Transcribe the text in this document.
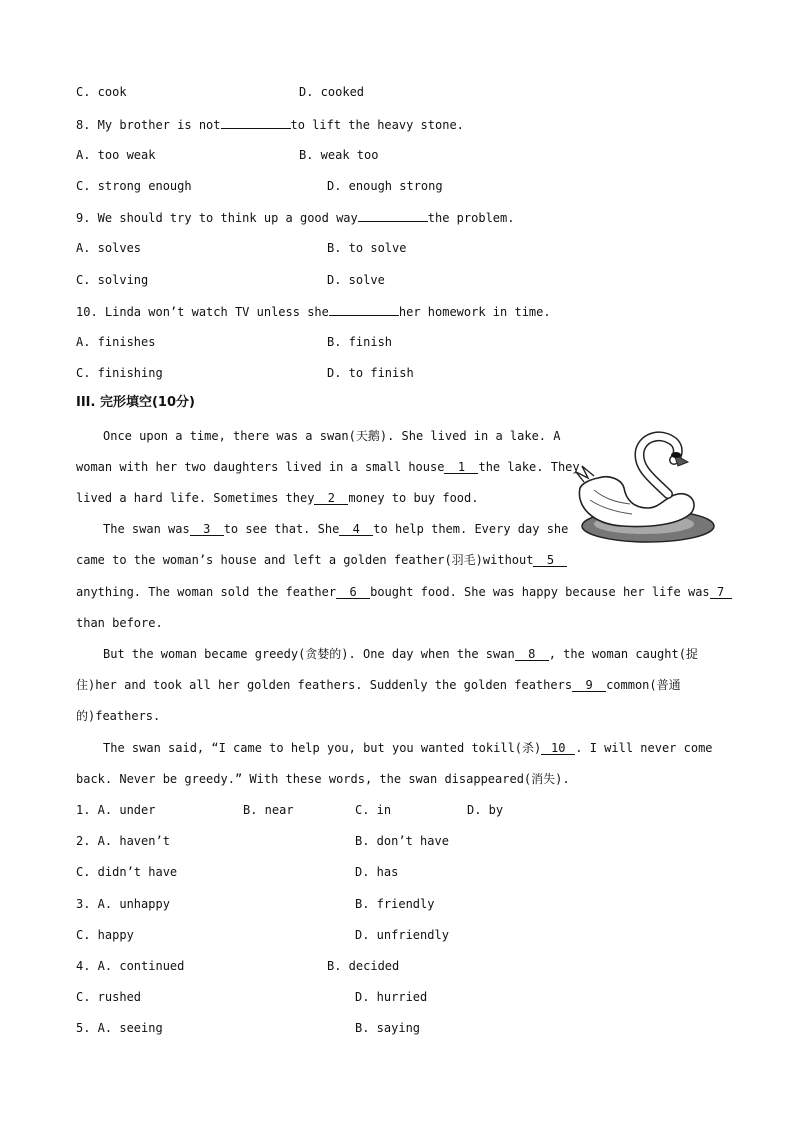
C. cook	D. cooked
8. My brother is not	to lift the heavy stone.
A. too weak	B. weak too
C. strong enough	D. enough strong
9. We should try to think up a good way	the problem.
A. solves	B. to solve
C. solving	D. solve
10. Linda won’t watch TV unless she	her homework in time.
A. finishes	B. finish
C. finishing	D. to finish
III. 完形填空(10分)
Once upon a time, there was a swan(天鹅). She lived in a lake. A
woman with her two daughters lived in a small house 1 the lake. They
lived a hard life. Sometimes they 2 money to buy food.
The swan was 3 to see that. She 4 to help them. Every day she
came to the woman’s house and left a golden feather(羽毛)without 5
anything. The woman sold the feather 6 bought food. She was happy because her life was 7
than before.
But the woman became greedy(贪婪的). One day when the swan 8 , the woman caught(捉
住)her and took all her golden feathers. Suddenly the golden feathers 9 common(普通
的)feathers.
The swan said, “I came to help you, but you wanted tokill(杀) 10 . I will never come
back. Never be greedy.” With these words, the swan disappeared(消失).
1. A. under	B. near	C. in	D. by
2. A. haven’t	B. don’t have
C. didn’t have	D. has
3. A. unhappy	B. friendly
C. happy	D. unfriendly
4. A. continued	B. decided
C. rushed	D. hurried
5. A. seeing	B. saying
